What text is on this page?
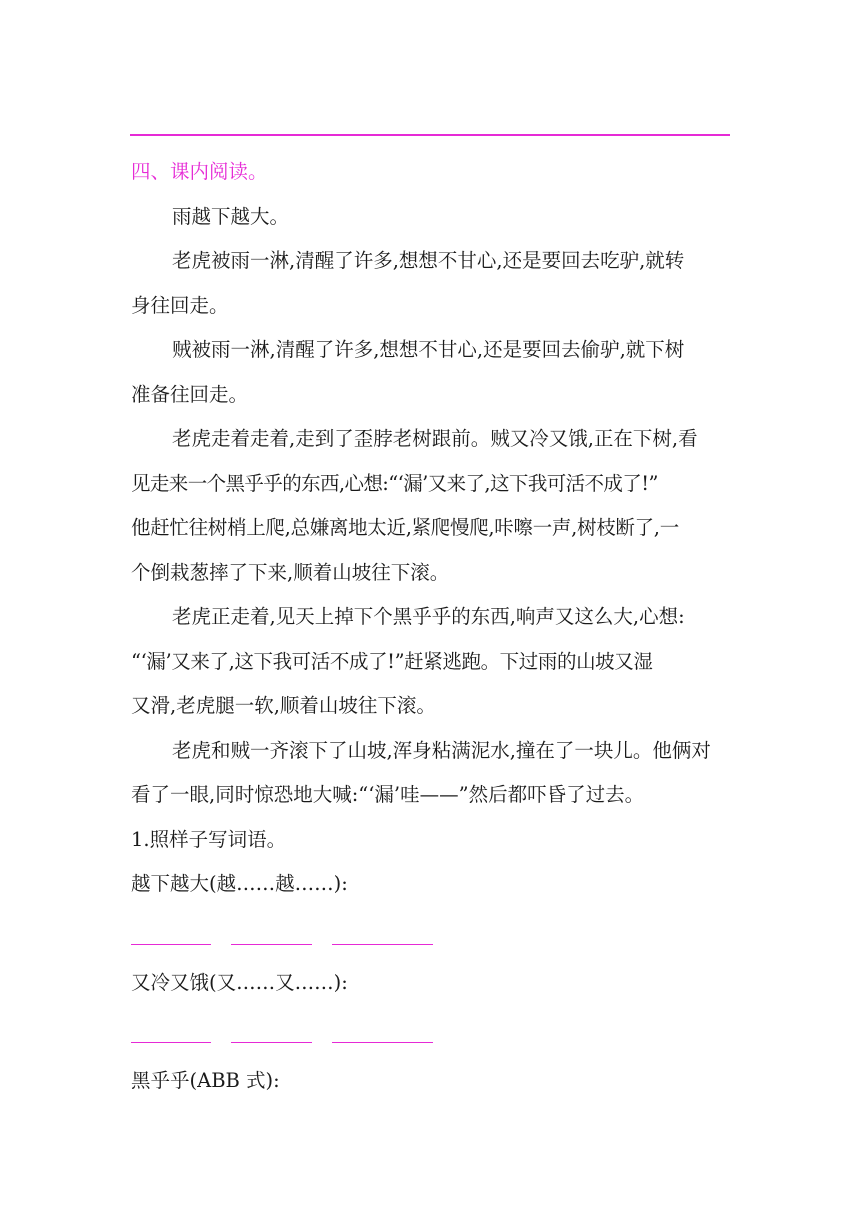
四、课内阅读。

雨越下越大。

老虎被雨一淋,清醒了许多,想想不甘心,还是要回去吃驴,就转
身往回走。

贼被雨一淋,清醒了许多,想想不甘心,还是要回去偷驴,就下树
准备往回走。

老虎走着走着,走到了歪脖老树跟前。贼又冷又饿,正在下树,看
见走来一个黑乎乎的东西,心想:“‘漏’又来了,这下我可活不成了!”
他赶忙往树梢上爬,总嫌离地太近,紧爬慢爬,咔嚓一声,树枝断了,一
个倒栽葱摔了下来,顺着山坡往下滚。

老虎正走着,见天上掉下个黑乎乎的东西,响声又这么大,心想:
“‘漏’又来了,这下我可活不成了!”赶紧逃跑。下过雨的山坡又湿
又滑,老虎腿一软,顺着山坡往下滚。

老虎和贼一齐滚下了山坡,浑身粘满泥水,撞在了一块儿。他俩对
看了一眼,同时惊恐地大喊:“‘漏’哇——”然后都吓昏了过去。

1.照样子写词语。

越下越大(越……越……):

又冷又饿(又……又……):

黑乎乎(ABB 式):
